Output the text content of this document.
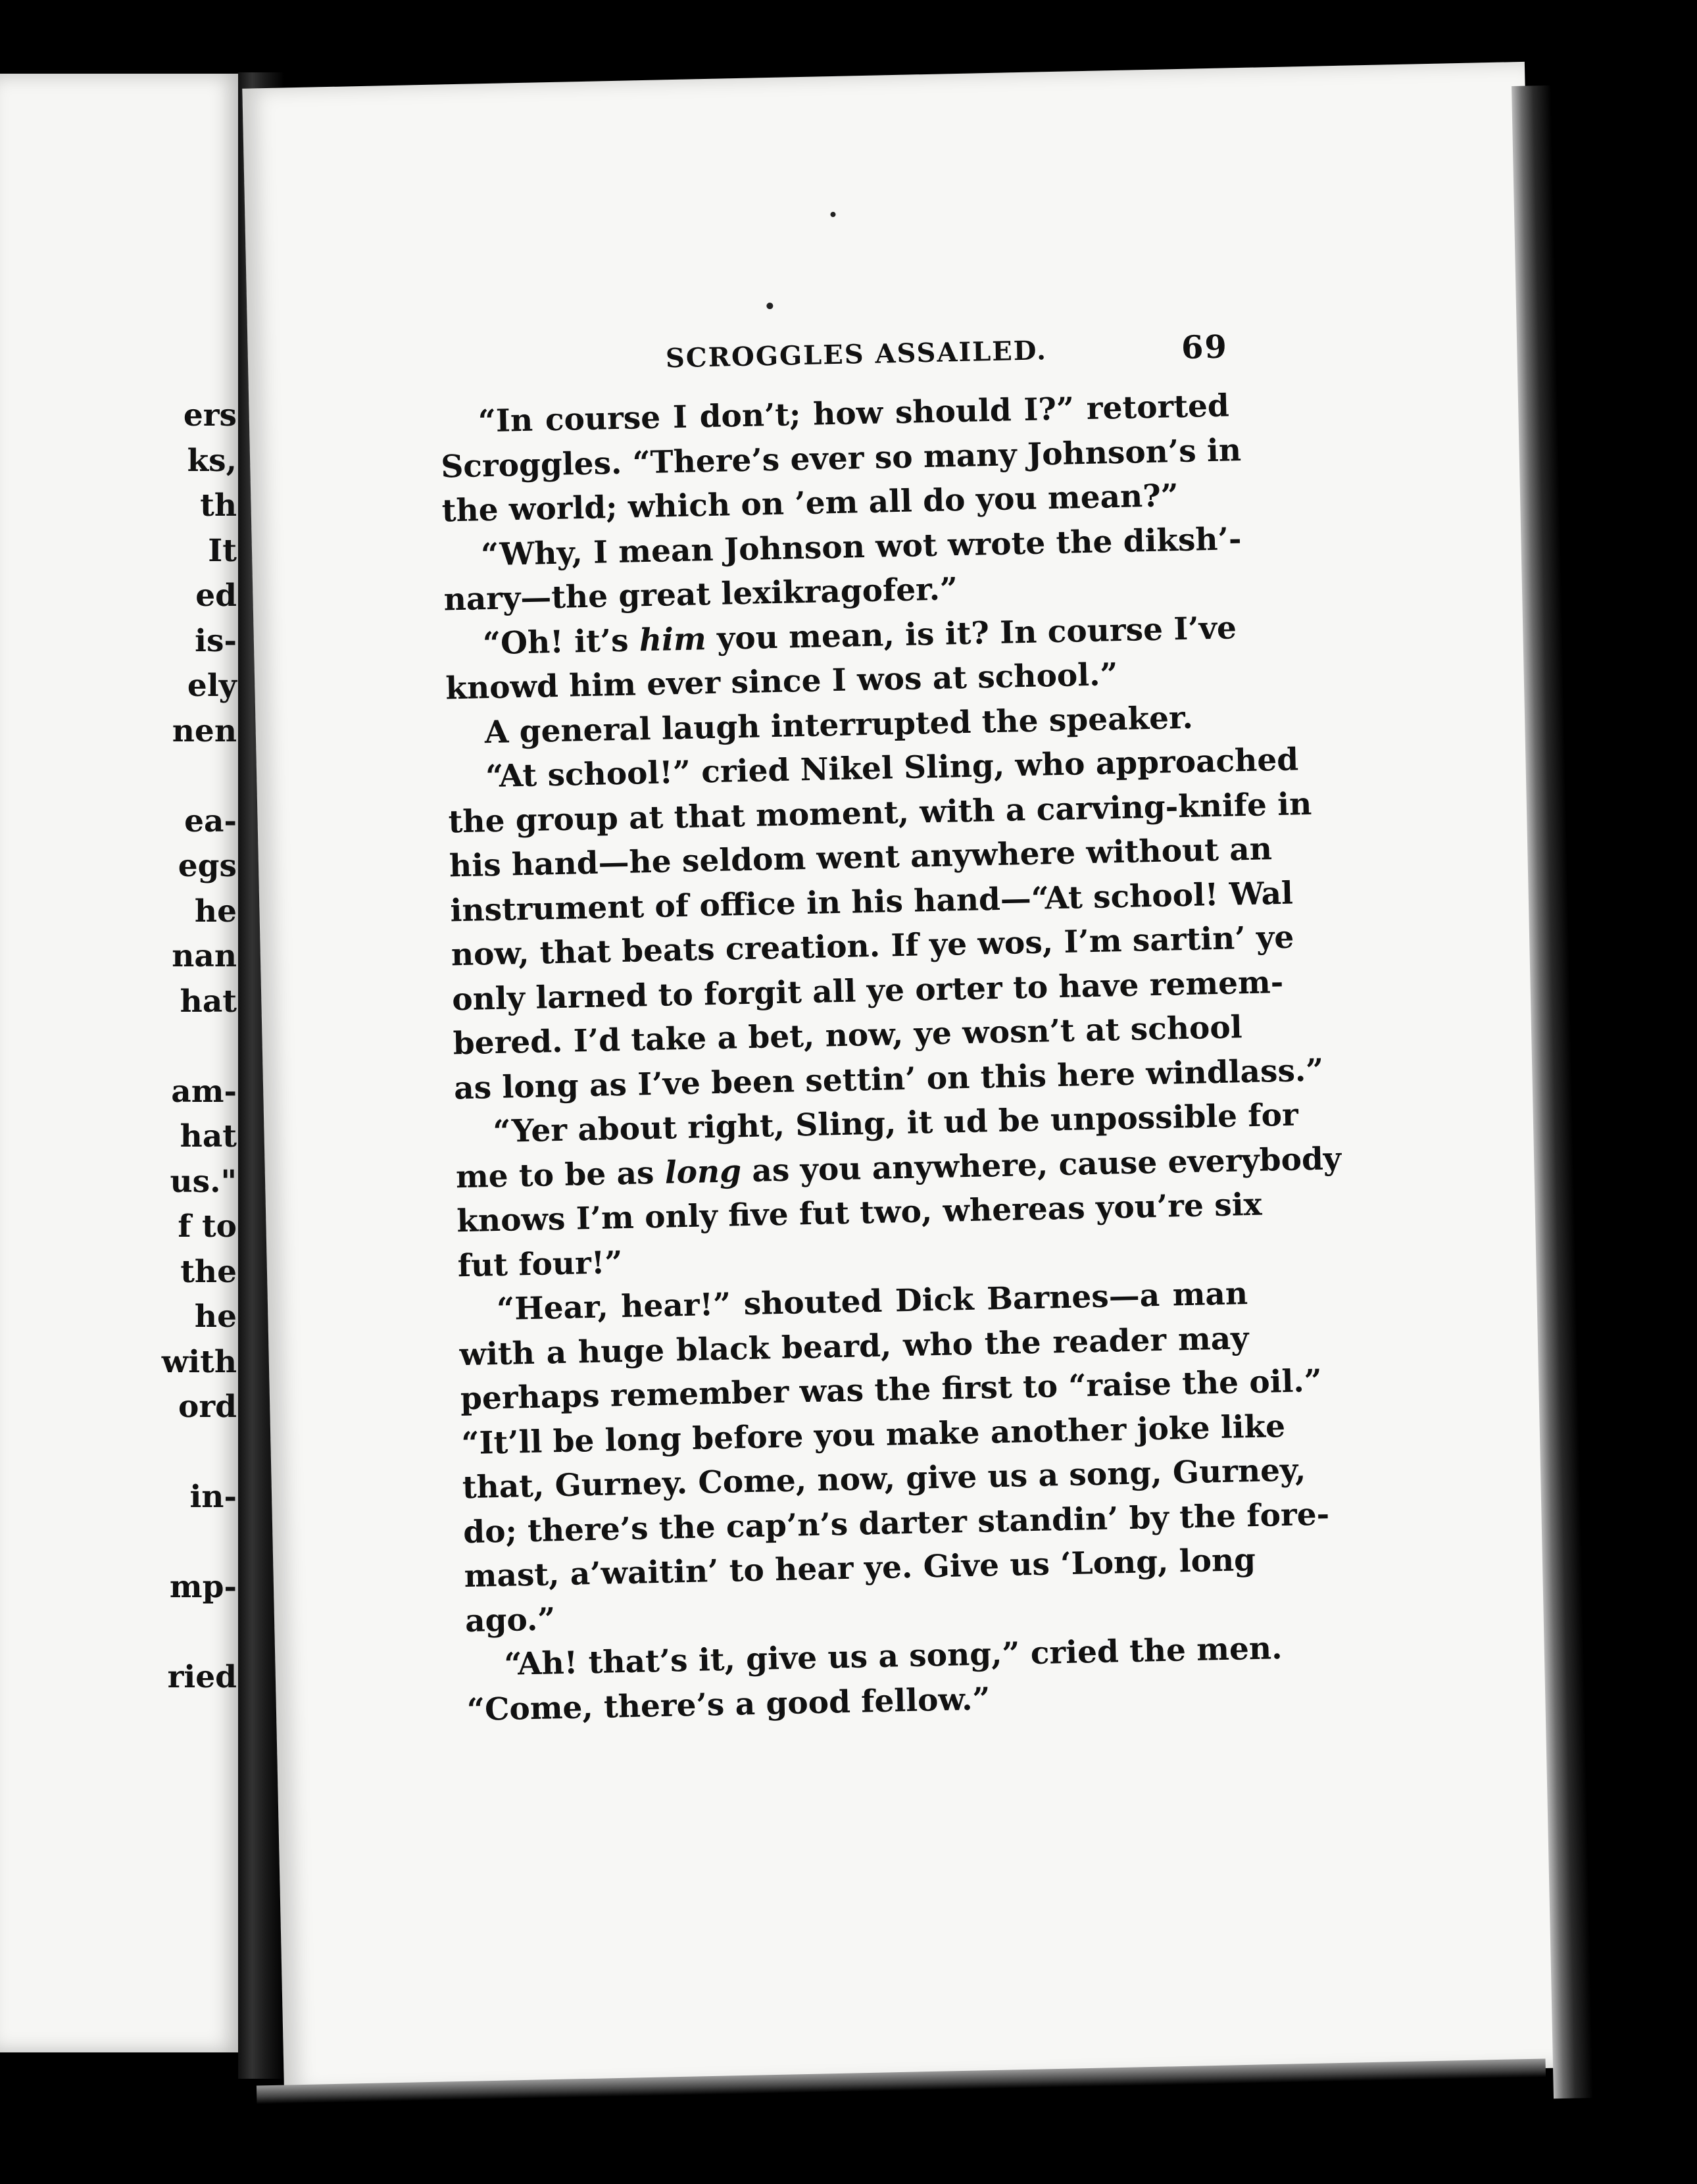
ers
ks,
th
It
ed
is-
ely
nen

ea-
egs
he
nan
hat

am-
hat
us."
f to
the
he
with
ord

in-

mp-

ried
SCROGGLES ASSAILED.	69
“In course I don’t; how should I?” retorted
Scroggles. “There’s ever so many Johnson’s in
the world; which on ’em all do you mean?”
“Why, I mean Johnson wot wrote the diksh’-
nary—the great lexikragofer.”
“Oh! it’s him you mean, is it? In course I’ve
knowd him ever since I wos at school.”
A general laugh interrupted the speaker.
“At school!” cried Nikel Sling, who approached
the group at that moment, with a carving-knife in
his hand—he seldom went anywhere without an
instrument of office in his hand—“At school! Wal
now, that beats creation. If ye wos, I’m sartin’ ye
only larned to forgit all ye orter to have remem-
bered. I’d take a bet, now, ye wosn’t at school
as long as I’ve been settin’ on this here windlass.”
“Yer about right, Sling, it ud be unpossible for
me to be as long as you anywhere, cause everybody
knows I’m only five fut two, whereas you’re six
fut four!”
“Hear, hear!” shouted Dick Barnes—a man
with a huge black beard, who the reader may
perhaps remember was the first to “raise the oil.”
“It’ll be long before you make another joke like
that, Gurney. Come, now, give us a song, Gurney,
do; there’s the cap’n’s darter standin’ by the fore-
mast, a’waitin’ to hear ye. Give us ‘Long, long
ago.”
“Ah! that’s it, give us a song,” cried the men.
“Come, there’s a good fellow.”
